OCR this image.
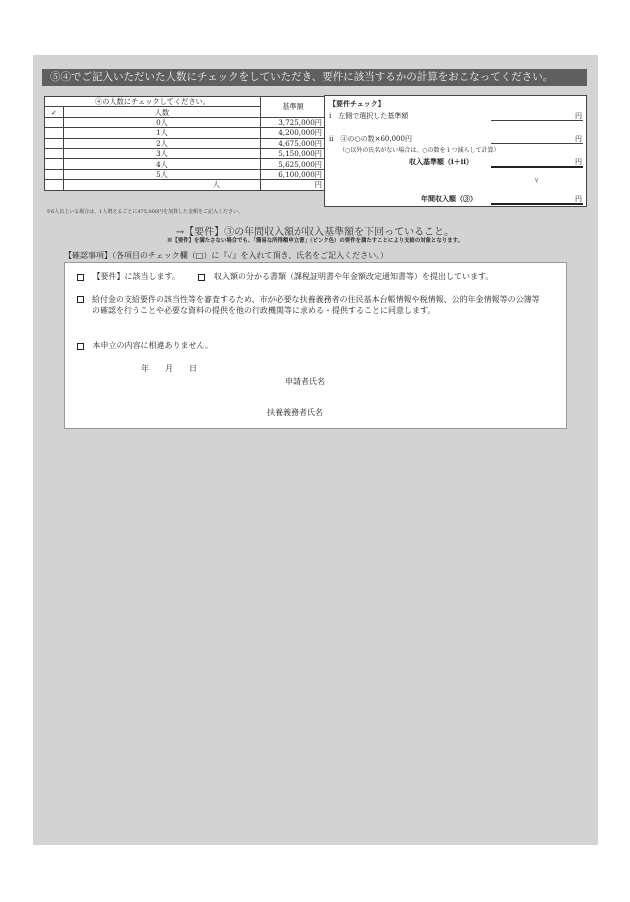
⑤④でご記入いただいた人数にチェックをしていただき、要件に該当するかの計算をおこなってください。
④の人数にチェックしてください。		基準額
✓	人数	
	0人	3,725,000円
	1人	4,200,000円
	2人	4,675,000円
	3人	5,150,000円
	4人	5,625,000円
	5人	6,100,000円
	人	円
※6人以上いる場合は、1人増えるごとに475,000円を加算した金額をご記入ください。
【要件チェック】
ⅰ　左側で選択した基準額	円
ⅱ　④の○の数×60,000円	円
（○以外の氏名がない場合は、○の数を１つ減らして計算）
収入基準額（ⅰ＋ⅱ）	円
∨
年間収入額（③）	円
→【要件】③の年間収入額が収入基準額を下回っていること。
※【要件】を満たさない場合でも、「簡易な所得額申立書」（ピンク色）の要件を満たすことにより支給の対象となります。
【確認事項】（各項目のチェック欄（□）に『✓』を入れて頂き、氏名をご記入ください。）
【要件】に該当します。	収入額の分かる書類（課税証明書や年金額改定通知書等）を提出しています。
給付金の支給要件の該当性等を審査するため、市が必要な扶養義務者の住民基本台帳情報や税情報、公的年金情報等の公簿等の確認を行うことや必要な資料の提供を他の行政機関等に求める・提供することに同意します。
本申立の内容に相違ありません。
年　　月　　日
申請者氏名
扶養義務者氏名
